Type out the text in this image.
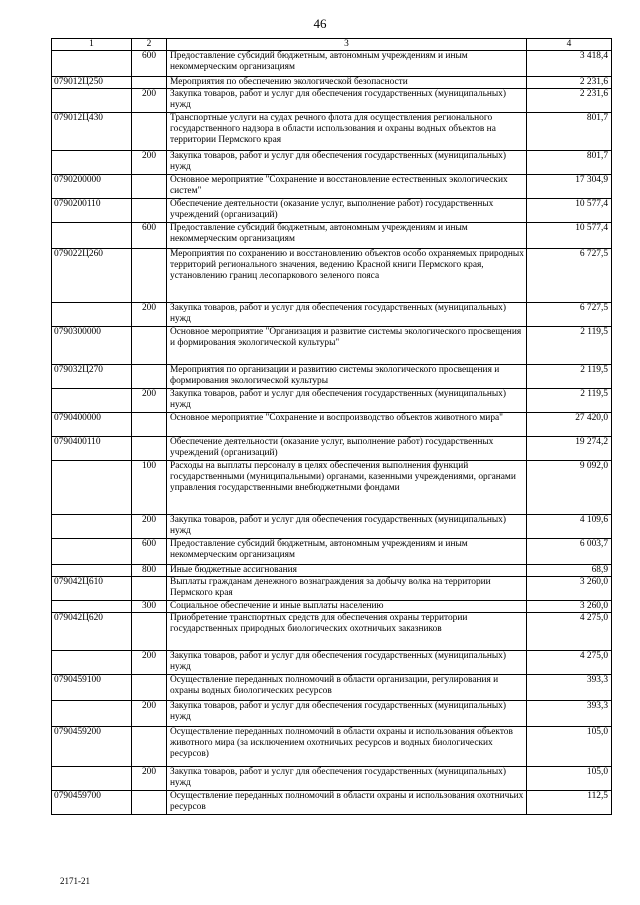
46
1	2	3	4
	600	Предоставление субсидий бюджетным, автономным учреждениям и иным некоммерческим организациям	3 418,4
079012Ц250		Мероприятия по обеспечению экологической безопасности	2 231,6
	200	Закупка товаров, работ и услуг для обеспечения государственных (муниципальных) нужд	2 231,6
079012Ц430		Транспортные услуги на судах речного флота для осуществления регионального государственного надзора в области использования и охраны водных объектов на территории Пермского края	801,7
	200	Закупка товаров, работ и услуг для обеспечения государственных (муниципальных) нужд	801,7
0790200000		Основное мероприятие "Сохранение и восстановление естественных экологических систем"	17 304,9
0790200110		Обеспечение деятельности (оказание услуг, выполнение работ) государственных учреждений (организаций)	10 577,4
	600	Предоставление субсидий бюджетным, автономным учреждениям и иным некоммерческим организациям	10 577,4
079022Ц260		Мероприятия по сохранению и восстановлению объектов особо охраняемых природных территорий регионального значения, ведению Красной книги Пермского края, установлению границ лесопаркового зеленого пояса	6 727,5
	200	Закупка товаров, работ и услуг для обеспечения государственных (муниципальных) нужд	6 727,5
0790300000		Основное мероприятие "Организация и развитие системы экологического просвещения и формирования экологической культуры"	2 119,5
079032Ц270		Мероприятия по организации и развитию системы экологического просвещения и формирования экологической культуры	2 119,5
	200	Закупка товаров, работ и услуг для обеспечения государственных (муниципальных) нужд	2 119,5
0790400000		Основное мероприятие "Сохранение и воспроизводство объектов животного мира"	27 420,0
0790400110		Обеспечение деятельности (оказание услуг, выполнение работ) государственных учреждений (организаций)	19 274,2
	100	Расходы на выплаты персоналу в целях обеспечения выполнения функций государственными (муниципальными) органами, казенными учреждениями, органами управления государственными внебюджетными фондами	9 092,0
	200	Закупка товаров, работ и услуг для обеспечения государственных (муниципальных) нужд	4 109,6
	600	Предоставление субсидий бюджетным, автономным учреждениям и иным некоммерческим организациям	6 003,7
	800	Иные бюджетные ассигнования	68,9
079042Ц610		Выплаты гражданам денежного вознаграждения за добычу волка на территории Пермского края	3 260,0
	300	Социальное обеспечение и иные выплаты населению	3 260,0
079042Ц620		Приобретение транспортных средств для обеспечения охраны территории государственных природных биологических охотничьих заказников	4 275,0
	200	Закупка товаров, работ и услуг для обеспечения государственных (муниципальных) нужд	4 275,0
0790459100		Осуществление переданных полномочий в области организации, регулирования и охраны водных биологических ресурсов	393,3
	200	Закупка товаров, работ и услуг для обеспечения государственных (муниципальных) нужд	393,3
0790459200		Осуществление переданных полномочий в области охраны и использования объектов животного мира (за исключением охотничьих ресурсов и водных биологических ресурсов)	105,0
	200	Закупка товаров, работ и услуг для обеспечения государственных (муниципальных) нужд	105,0
0790459700		Осуществление переданных полномочий в области охраны и использования охотничьих ресурсов	112,5
2171-21
